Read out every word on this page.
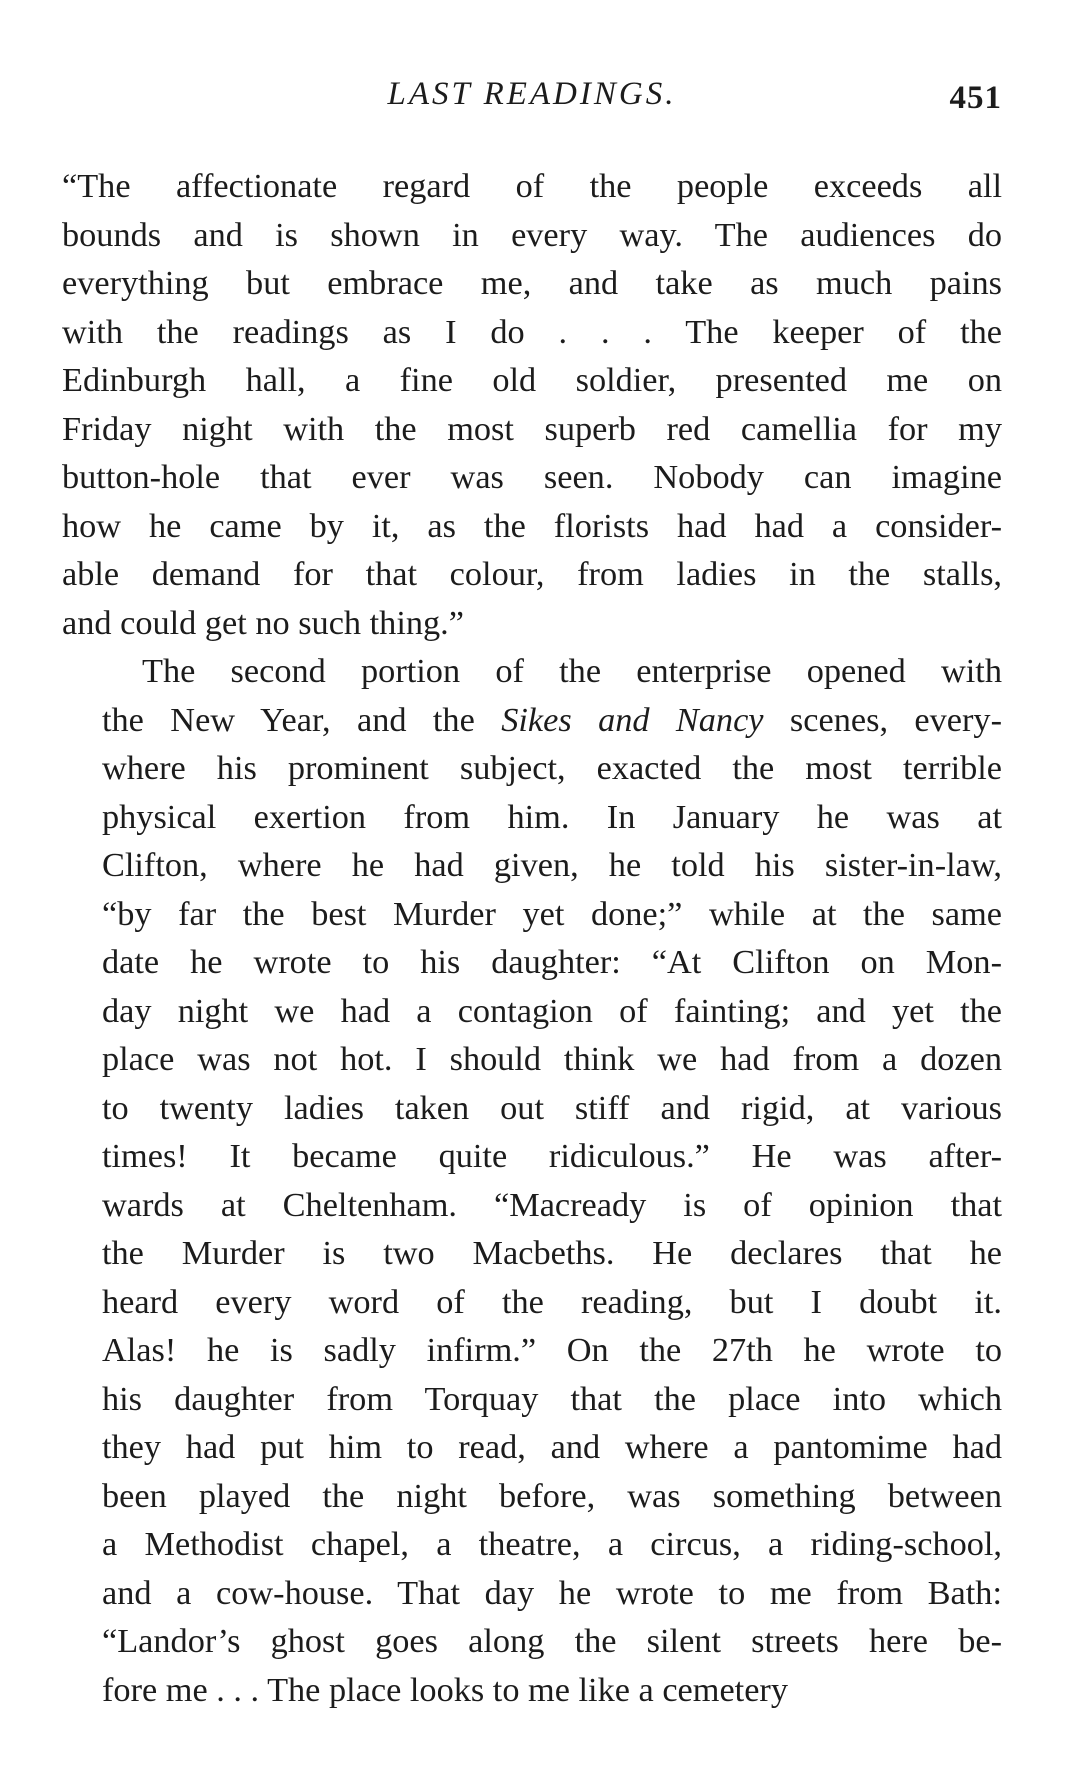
LAST READINGS.	451
“The affectionate regard of the people exceeds all
bounds and is shown in every way. The audiences do
everything but embrace me, and take as much pains
with the readings as I do . . . The keeper of the
Edinburgh hall, a fine old soldier, presented me on
Friday night with the most superb red camellia for my
button-hole that ever was seen. Nobody can imagine
how he came by it, as the florists had had a consider-
able demand for that colour, from ladies in the stalls,
and could get no such thing.”
The second portion of the enterprise opened with
the New Year, and the Sikes and Nancy scenes, every-
where his prominent subject, exacted the most terrible
physical exertion from him. In January he was at
Clifton, where he had given, he told his sister-in-law,
“by far the best Murder yet done;” while at the same
date he wrote to his daughter: “At Clifton on Mon-
day night we had a contagion of fainting; and yet the
place was not hot. I should think we had from a dozen
to twenty ladies taken out stiff and rigid, at various
times! It became quite ridiculous.” He was after-
wards at Cheltenham. “Macready is of opinion that
the Murder is two Macbeths. He declares that he
heard every word of the reading, but I doubt it.
Alas! he is sadly infirm.” On the 27th he wrote to
his daughter from Torquay that the place into which
they had put him to read, and where a pantomime had
been played the night before, was something between
a Methodist chapel, a theatre, a circus, a riding-school,
and a cow-house. That day he wrote to me from Bath:
“Landor’s ghost goes along the silent streets here be-
fore me . . . The place looks to me like a cemetery
